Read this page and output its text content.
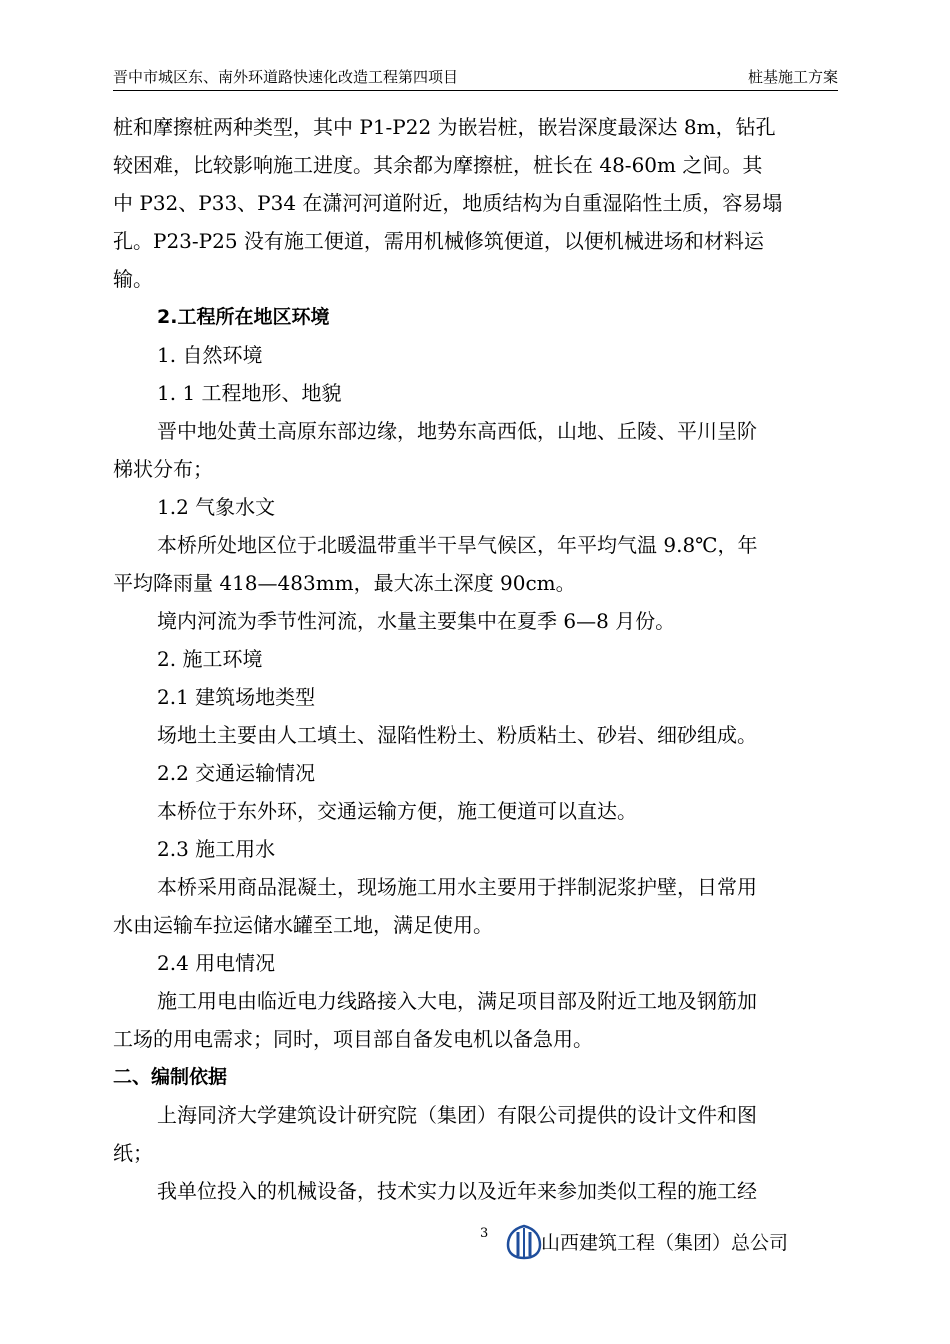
晋中市城区东、南外环道路快速化改造工程第四项目	桩基施工方案
桩和摩擦桩两种类型，其中 P1-P22 为嵌岩桩，嵌岩深度最深达 8m，钻孔
较困难，比较影响施工进度。其余都为摩擦桩，桩长在 48-60m 之间。其
中 P32、P33、P34 在潇河河道附近，地质结构为自重湿陷性土质，容易塌
孔。P23-P25 没有施工便道，需用机械修筑便道，以便机械进场和材料运
输。
2.工程所在地区环境
1. 自然环境
1. 1 工程地形、地貌
晋中地处黄土高原东部边缘，地势东高西低，山地、丘陵、平川呈阶
梯状分布；
1.2 气象水文
本桥所处地区位于北暖温带重半干旱气候区，年平均气温 9.8℃，年
平均降雨量 418—483mm，最大冻土深度 90cm。
境内河流为季节性河流，水量主要集中在夏季 6—8 月份。
2. 施工环境
2.1 建筑场地类型
场地土主要由人工填土、湿陷性粉土、粉质粘土、砂岩、细砂组成。
2.2 交通运输情况
本桥位于东外环，交通运输方便，施工便道可以直达。
2.3 施工用水
本桥采用商品混凝土，现场施工用水主要用于拌制泥浆护壁，日常用
水由运输车拉运储水罐至工地，满足使用。
2.4 用电情况
施工用电由临近电力线路接入大电，满足项目部及附近工地及钢筋加
工场的用电需求；同时，项目部自备发电机以备急用。
二、编制依据
上海同济大学建筑设计研究院（集团）有限公司提供的设计文件和图
纸；
我单位投入的机械设备，技术实力以及近年来参加类似工程的施工经
3	山西建筑工程（集团）总公司
